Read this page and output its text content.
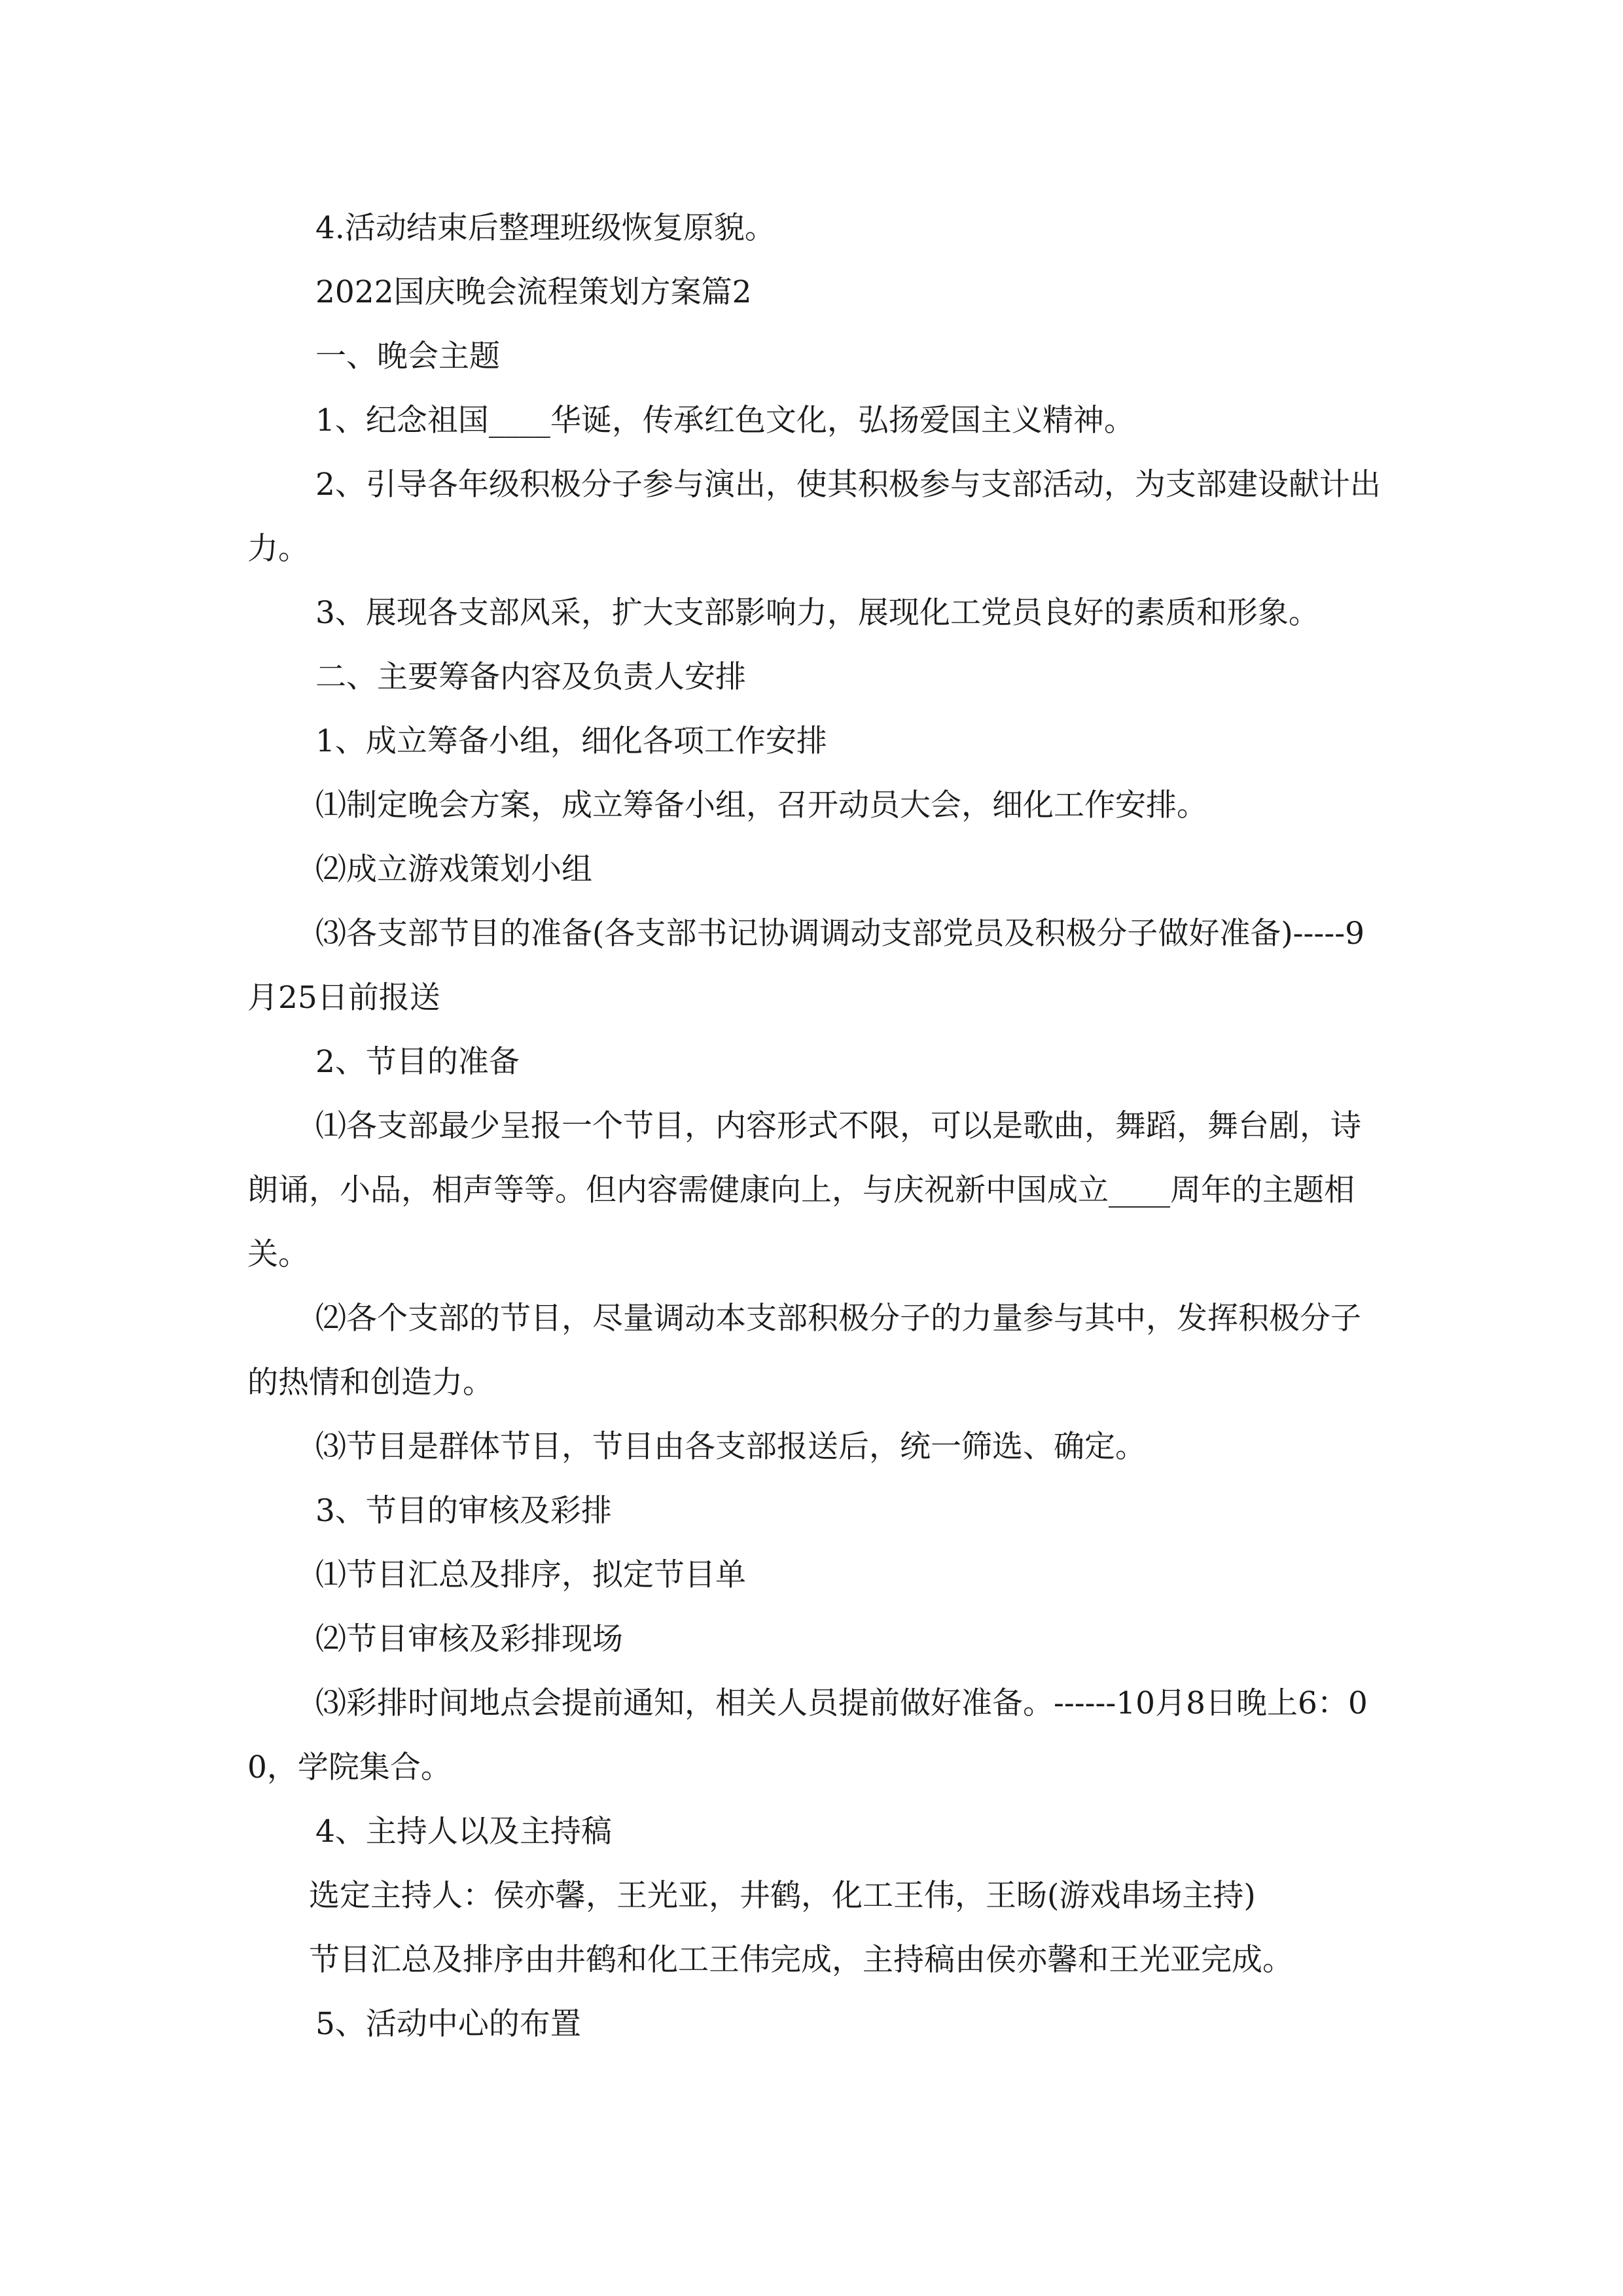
4.活动结束后整理班级恢复原貌。

2022国庆晚会流程策划方案篇2

一、晚会主题

1、纪念祖国____华诞，传承红色文化，弘扬爱国主义精神。

2、引导各年级积极分子参与演出，使其积极参与支部活动，为支部建设献计出力。

3、展现各支部风采，扩大支部影响力，展现化工党员良好的素质和形象。

二、主要筹备内容及负责人安排

1、成立筹备小组，细化各项工作安排

⑴制定晚会方案，成立筹备小组，召开动员大会，细化工作安排。

⑵成立游戏策划小组

⑶各支部节目的准备(各支部书记协调调动支部党员及积极分子做好准备)-----9月25日前报送

2、节目的准备

⑴各支部最少呈报一个节目，内容形式不限，可以是歌曲，舞蹈，舞台剧，诗朗诵，小品，相声等等。但内容需健康向上，与庆祝新中国成立____周年的主题相关。

⑵各个支部的节目，尽量调动本支部积极分子的力量参与其中，发挥积极分子的热情和创造力。

⑶节目是群体节目，节目由各支部报送后，统一筛选、确定。

3、节目的审核及彩排

⑴节目汇总及排序，拟定节目单

⑵节目审核及彩排现场

⑶彩排时间地点会提前通知，相关人员提前做好准备。------10月8日晚上6：00，学院集合。

4、主持人以及主持稿

选定主持人：侯亦馨，王光亚，井鹤，化工王伟，王旸(游戏串场主持)

节目汇总及排序由井鹤和化工王伟完成，主持稿由侯亦馨和王光亚完成。

5、活动中心的布置
